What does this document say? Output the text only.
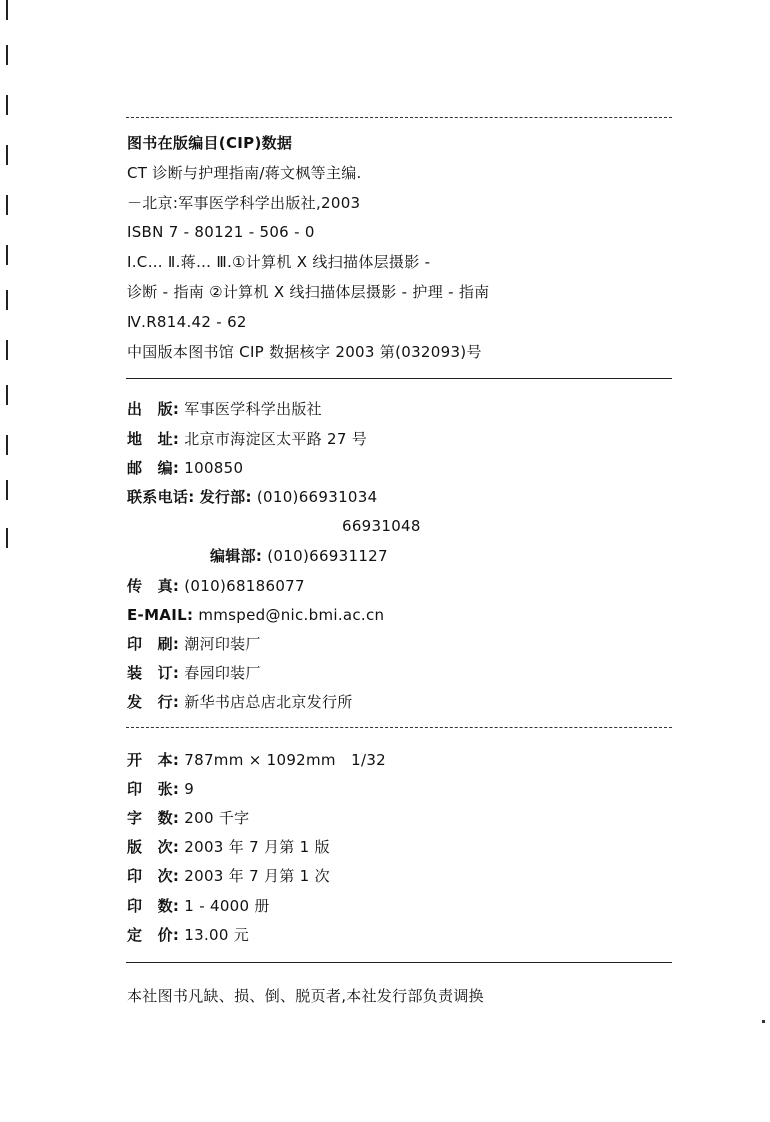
图书在版编目(CIP)数据
CT 诊断与护理指南/蒋文枫等主编.
－北京:军事医学科学出版社,2003
ISBN 7 - 80121 - 506 - 0
Ⅰ.C… Ⅱ.蒋… Ⅲ.①计算机 X 线扫描体层摄影 -
诊断 - 指南 ②计算机 X 线扫描体层摄影 - 护理 - 指南
Ⅳ.R814.42 - 62
中国版本图书馆 CIP 数据核字 2003 第(032093)号
出　版: 军事医学科学出版社
地　址: 北京市海淀区太平路 27 号
邮　编: 100850
联系电话: 发行部: (010)66931034
66931048
编辑部: (010)66931127
传　真: (010)68186077
E-MAIL: mmsped@nic.bmi.ac.cn
印　刷: 潮河印装厂
装　订: 春园印装厂
发　行: 新华书店总店北京发行所
开　本: 787mm × 1092mm　1/32
印　张: 9
字　数: 200 千字
版　次: 2003 年 7 月第 1 版
印　次: 2003 年 7 月第 1 次
印　数: 1 - 4000 册
定　价: 13.00 元
本社图书凡缺、损、倒、脱页者,本社发行部负责调换
